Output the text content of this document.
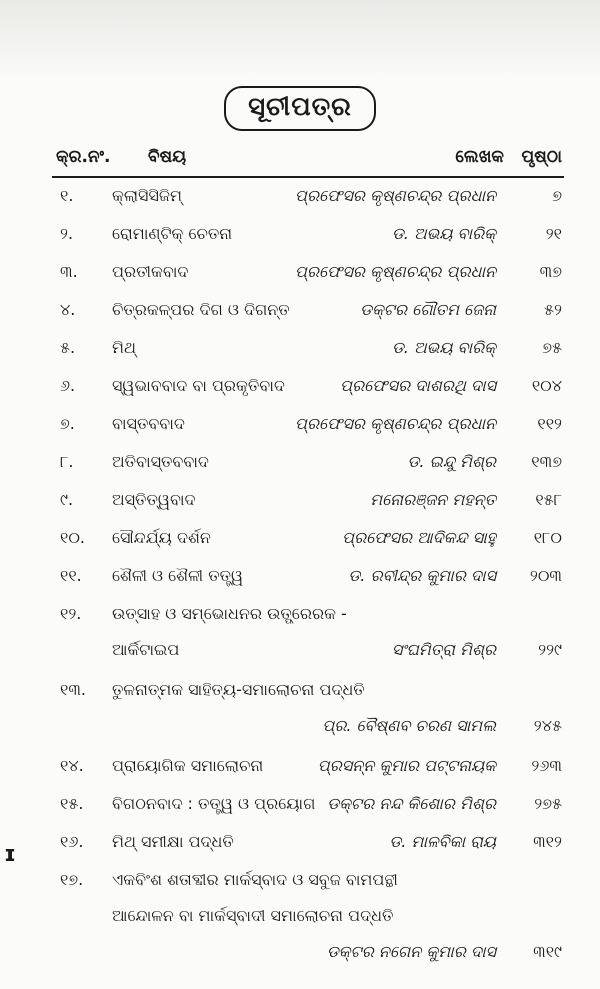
ସୂଚୀପତ୍ର
କ୍ର.ନଂ. ବିଷୟ	ଲେଖକ ପୃଷ୍ଠା
୧. କ୍ଲାସିସିଜିମ୍	ପ୍ରଫେସର କୃଷ୍ଣଚନ୍ଦ୍ର ପ୍ରଧାନ	୭
୨. ରୋମାଣ୍ଟିକ୍ ଚେତନା	ଡ. ଅଭୟ ବାରିକ୍	୨୧
୩. ପ୍ରତୀକବାଦ	ପ୍ରଫେସର କୃଷ୍ଣଚନ୍ଦ୍ର ପ୍ରଧାନ	୩୭
୪. ଚିତ୍ରକଳ୍ପର ଦିଗ ଓ ଦିଗନ୍ତ	ଡକ୍ଟର ଗୌତମ ଜେନା	୫୨
୫. ମିଥ୍	ଡ. ଅଭୟ ବାରିକ୍	୭୫
୬. ସ୍ୱଭାବବାଦ ବା ପ୍ରକୃତିବାଦ	ପ୍ରଫେସର ଦାଶରଥି ଦାସ ୧୦୪
୭. ବାସ୍ତବବାଦ	ପ୍ରଫେସର କୃଷ୍ଣଚନ୍ଦ୍ର ପ୍ରଧାନ	୧୧୨
୮. ଅତିବାସ୍ତବବାଦ	ଡ. ଇନ୍ଦୁ ମିଶ୍ର ୧୩୭
୯. ଅସ୍ତିତ୍ୱବାଦ	ମନୋରଞ୍ଜନ ମହନ୍ତ ୧୫୮
୧୦. ସୌନ୍ଦର୍ଯ୍ୟ ଦର୍ଶନ	ପ୍ରଫେସର ଆଦିକନ୍ଦ ସାହୁ ୧୮୦
୧୧. ଶୈଳୀ ଓ ଶୈଳୀ ତତ୍ତ୍ୱ	ଡ. ରବୀନ୍ଦ୍ର କୁମାର ଦାସ ୨୦୩
୧୨. ଉତ୍ସାହ ଓ ସମ୍ଭୋଧନର ଉତ୍ପ୍ରେରକ -
ଆର୍କିଟାଇପ	ସଂଘମିତ୍ରା ମିଶ୍ର	୨୨୯
୧୩. ତୁଳନାତ୍ମକ ସାହିତ୍ୟ-ସମାଲୋଚନା ପଦ୍ଧତି
ପ୍ର. ବୈଷ୍ଣବ ଚରଣ ସାମଲ ୨୪୫
୧୪. ପ୍ରାୟୋଗିକ ସମାଲୋଚନା	ପ୍ରସନ୍ନ କୁମାର ପଟ୍ଟନାୟକ ୨୬୩
୧୫. ବିଗଠନବାଦ : ତତ୍ତ୍ୱ ଓ ପ୍ରୟୋଗ ଡକ୍ଟର ନନ୍ଦ କିଶୋର ମିଶ୍ର ୨୭୫
୧୬. ମିଥ୍ ସମୀକ୍ଷା ପଦ୍ଧତି	ଡ. ମାଳବିକା ରାୟ ୩୧୨
୧୭. ଏକବିଂଶ ଶତାବ୍ଦୀର ମାର୍କସ୍‌ବାଦ ଓ ସବୁଜ ବାମପନ୍ଥୀ
ଆନ୍ଦୋଳନ ବା ମାର୍କସ୍‌ବାଦୀ ସମାଲୋଚନା ପଦ୍ଧତି
ଡକ୍ଟର ନଗେନ କୁମାର ଦାସ ୩୧୯
ɪ
